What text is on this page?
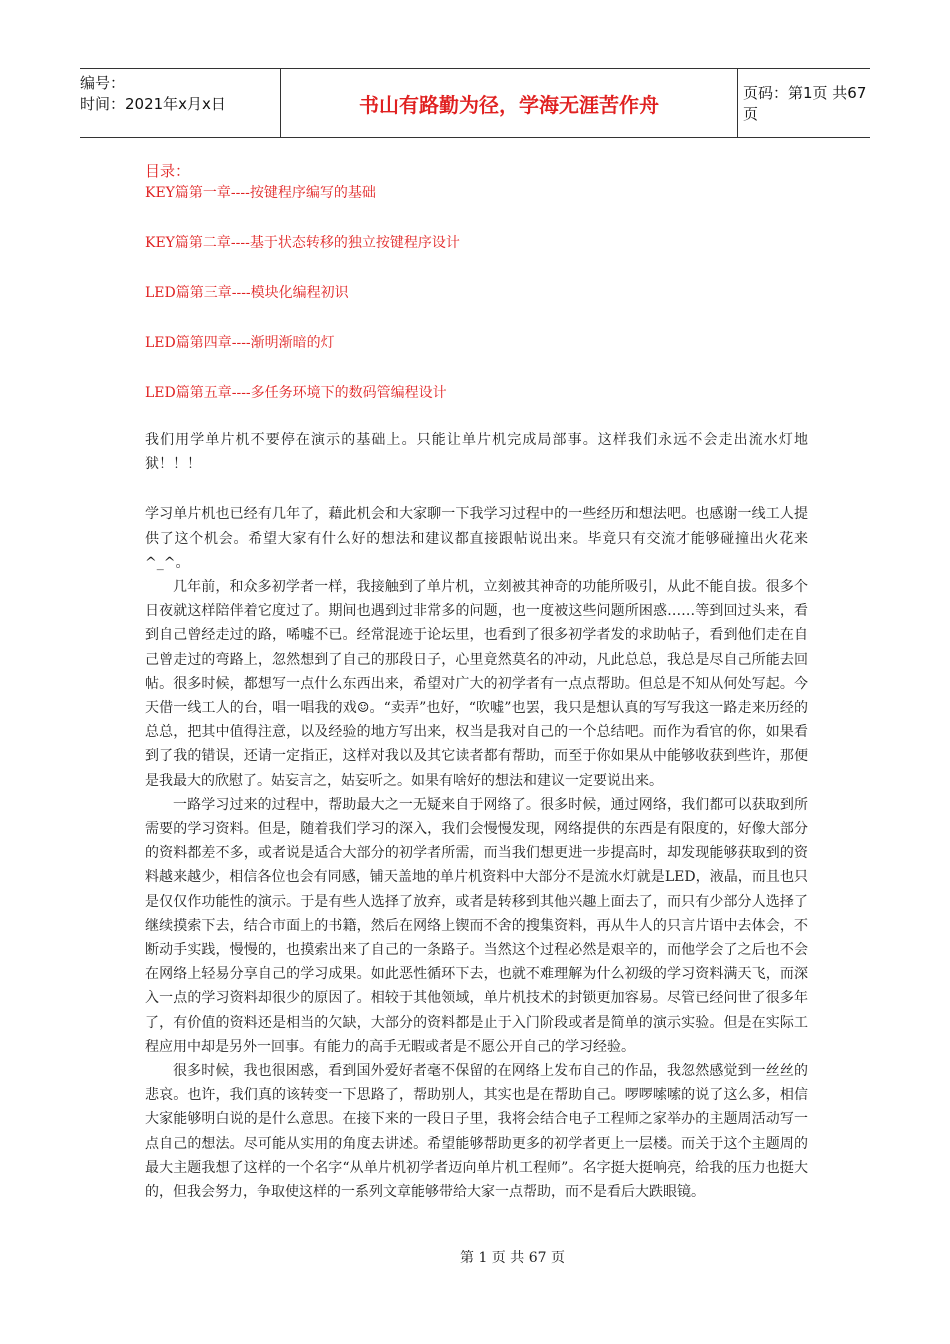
编号：
时间：2021年x月x日	书山有路勤为径，学海无涯苦作舟	页码：第1页 共67页
目录：
KEY篇第一章----按键程序编写的基础
KEY篇第二章----基于状态转移的独立按键程序设计
LED篇第三章----模块化编程初识
LED篇第四章----渐明渐暗的灯
LED篇第五章----多任务环境下的数码管编程设计

我们用学单片机不要停在演示的基础上。只能让单片机完成局部事。这样我们永远不会走出流水灯地狱！！！

学习单片机也已经有几年了，藉此机会和大家聊一下我学习过程中的一些经历和想法吧。也感谢一线工人提供了这个机会。希望大家有什么好的想法和建议都直接跟帖说出来。毕竟只有交流才能够碰撞出火花来^_^。

几年前，和众多初学者一样，我接触到了单片机，立刻被其神奇的功能所吸引，从此不能自拔。很多个日夜就这样陪伴着它度过了。期间也遇到过非常多的问题，也一度被这些问题所困惑……等到回过头来，看到自己曾经走过的路，唏嘘不已。经常混迹于论坛里，也看到了很多初学者发的求助帖子，看到他们走在自己曾走过的弯路上，忽然想到了自己的那段日子，心里竟然莫名的冲动，凡此总总，我总是尽自己所能去回帖。很多时候，都想写一点什么东西出来，希望对广大的初学者有一点点帮助。但总是不知从何处写起。今天借一线工人的台，唱一唱我的戏☺。“卖弄”也好，“吹嘘”也罢，我只是想认真的写写我这一路走来历经的总总，把其中值得注意，以及经验的地方写出来，权当是我对自己的一个总结吧。而作为看官的你，如果看到了我的错误，还请一定指正，这样对我以及其它读者都有帮助，而至于你如果从中能够收获到些许，那便是我最大的欣慰了。姑妄言之，姑妄听之。如果有啥好的想法和建议一定要说出来。

一路学习过来的过程中，帮助最大之一无疑来自于网络了。很多时候，通过网络，我们都可以获取到所需要的学习资料。但是，随着我们学习的深入，我们会慢慢发现，网络提供的东西是有限度的，好像大部分的资料都差不多，或者说是适合大部分的初学者所需，而当我们想更进一步提高时，却发现能够获取到的资料越来越少，相信各位也会有同感，铺天盖地的单片机资料中大部分不是流水灯就是LED，液晶，而且也只是仅仅作功能性的演示。于是有些人选择了放弃，或者是转移到其他兴趣上面去了，而只有少部分人选择了继续摸索下去，结合市面上的书籍，然后在网络上锲而不舍的搜集资料，再从牛人的只言片语中去体会，不断动手实践，慢慢的，也摸索出来了自己的一条路子。当然这个过程必然是艰辛的，而他学会了之后也不会在网络上轻易分享自己的学习成果。如此恶性循环下去，也就不难理解为什么初级的学习资料满天飞，而深入一点的学习资料却很少的原因了。相较于其他领域，单片机技术的封锁更加容易。尽管已经问世了很多年了，有价值的资料还是相当的欠缺，大部分的资料都是止于入门阶段或者是简单的演示实验。但是在实际工程应用中却是另外一回事。有能力的高手无暇或者是不愿公开自己的学习经验。

很多时候，我也很困惑，看到国外爱好者毫不保留的在网络上发布自己的作品，我忽然感觉到一丝丝的悲哀。也许，我们真的该转变一下思路了，帮助别人，其实也是在帮助自己。啰啰嗦嗦的说了这么多，相信大家能够明白说的是什么意思。在接下来的一段日子里，我将会结合电子工程师之家举办的主题周活动写一点自己的想法。尽可能从实用的角度去讲述。希望能够帮助更多的初学者更上一层楼。而关于这个主题周的最大主题我想了这样的一个名字“从单片机初学者迈向单片机工程师”。名字挺大挺响亮，给我的压力也挺大的，但我会努力，争取使这样的一系列文章能够带给大家一点帮助，而不是看后大跌眼镜。

第 1 页 共 67 页
